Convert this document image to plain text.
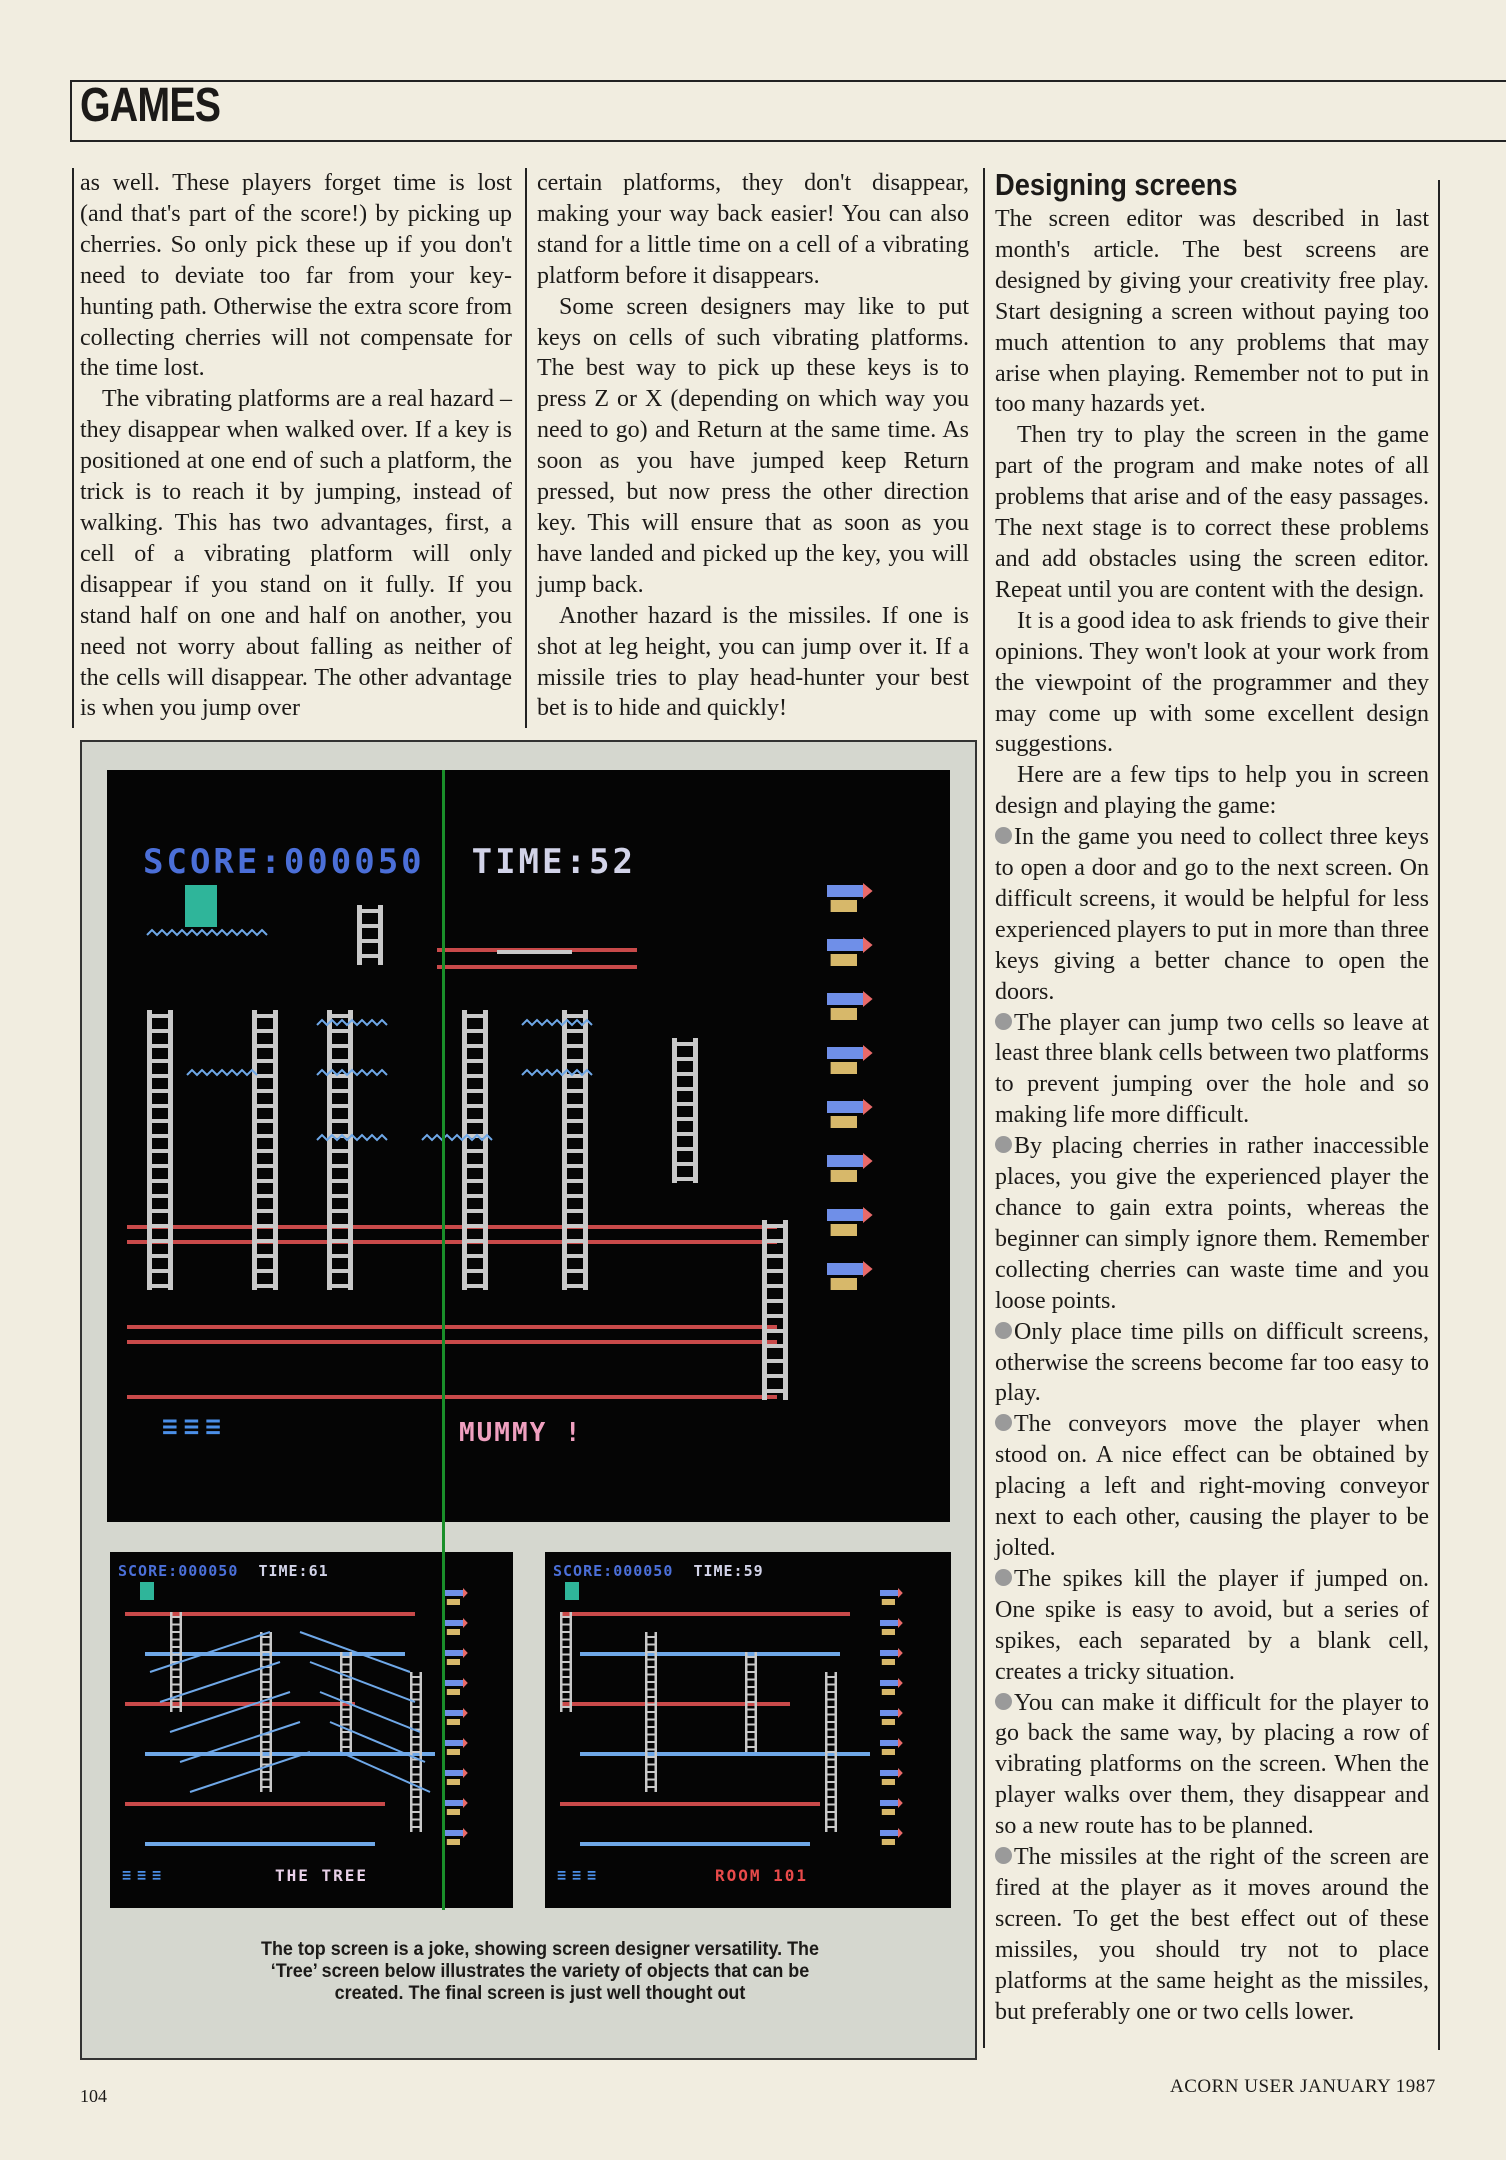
GAMES

as well. These players forget time is lost (and that's part of the score!) by picking up cherries. So only pick these up if you don't need to deviate too far from your key-hunting path. Otherwise the extra score from collecting cherries will not compensate for the time lost.

The vibrating platforms are a real hazard – they disappear when walked over. If a key is positioned at one end of such a platform, the trick is to reach it by jumping, instead of walking. This has two advantages, first, a cell of a vibrating platform will only disappear if you stand on it fully. If you stand half on one and half on another, you need not worry about falling as neither of the cells will disappear. The other advantage is when you jump over

certain platforms, they don't disappear, making your way back easier! You can also stand for a little time on a cell of a vibrating platform before it disappears.

Some screen designers may like to put keys on cells of such vibrating platforms. The best way to pick up these keys is to press Z or X (depending on which way you need to go) and Return at the same time. As soon as you have jumped keep Return pressed, but now press the other direction key. This will ensure that as soon as you have landed and picked up the key, you will jump back.

Another hazard is the missiles. If one is shot at leg height, you can jump over it. If a missile tries to play head-hunter your best bet is to hide and quickly!

Designing screens

The screen editor was described in last month's article. The best screens are designed by giving your creativity free play. Start designing a screen without paying too much attention to any problems that may arise when playing. Remember not to put in too many hazards yet.

Then try to play the screen in the game part of the program and make notes of all problems that arise and of the easy passages. The next stage is to correct these problems and add obstacles using the screen editor. Repeat until you are content with the design.

It is a good idea to ask friends to give their opinions. They won't look at your work from the viewpoint of the programmer and they may come up with some excellent design suggestions.

Here are a few tips to help you in screen design and playing the game:

In the game you need to collect three keys to open a door and go to the next screen. On difficult screens, it would be helpful for less experienced players to put in more than three keys giving a better chance to open the doors.

The player can jump two cells so leave at least three blank cells between two platforms to prevent jumping over the hole and so making life more difficult.

By placing cherries in rather inaccessible places, you give the experienced player the chance to gain extra points, whereas the beginner can simply ignore them. Remember collecting cherries can waste time and you loose points.

Only place time pills on difficult screens, otherwise the screens become far too easy to play.

The conveyors move the player when stood on. A nice effect can be obtained by placing a left and right-moving conveyor next to each other, causing the player to be jolted.

The spikes kill the player if jumped on. One spike is easy to avoid, but a series of spikes, each separated by a blank cell, creates a tricky situation.

You can make it difficult for the player to go back the same way, by placing a row of vibrating platforms on the screen. When the player walks over them, they disappear and so a new route has to be planned.

The missiles at the right of the screen are fired at the player as it moves around the screen. To get the best effect out of these missiles, you should try not to place platforms at the same height as the missiles, but preferably one or two cells lower.

SCORE:000050 TIME:52
≡≡≡	MUMMY !
SCORE:000050 TIME:61
≡≡≡	THE TREE
SCORE:000050 TIME:59
≡≡≡	ROOM 101
The top screen is a joke, showing screen designer versatility. The ‘Tree’ screen below illustrates the variety of objects that can be created. The final screen is just well thought out
104	ACORN USER JANUARY 1987
